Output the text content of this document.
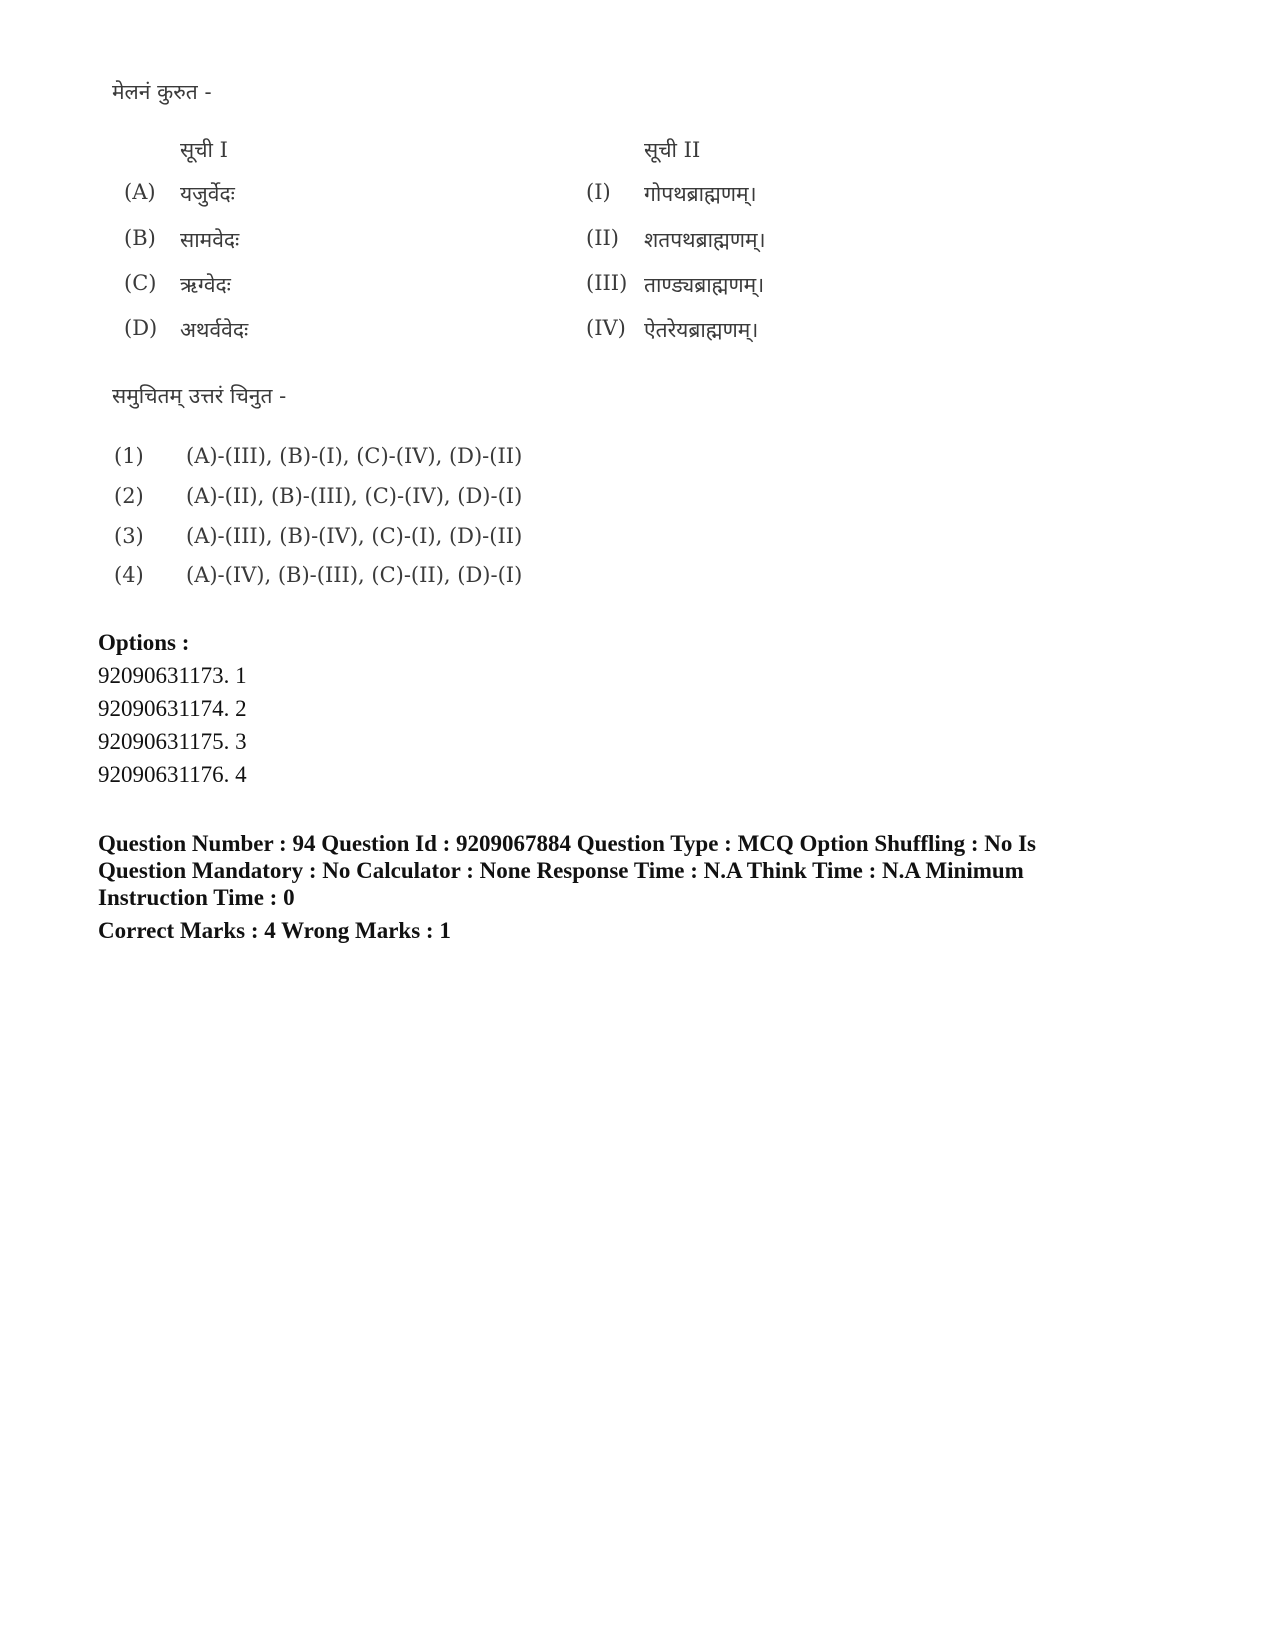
मेलनं कुरुत -
सूची I	सूची II
(A) यजुर्वेदः	(I) गोपथब्राह्मणम्।
(B) सामवेदः	(II) शतपथब्राह्मणम्।
(C) ऋग्वेदः	(III) ताण्ड्यब्राह्मणम्।
(D) अथर्ववेदः	(IV) ऐतरेयब्राह्मणम्।
समुचितम् उत्तरं चिनुत -
(1) (A)-(III), (B)-(I), (C)-(IV), (D)-(II)
(2) (A)-(II), (B)-(III), (C)-(IV), (D)-(I)
(3) (A)-(III), (B)-(IV), (C)-(I), (D)-(II)
(4) (A)-(IV), (B)-(III), (C)-(II), (D)-(I)
Options :
92090631173. 1
92090631174. 2
92090631175. 3
92090631176. 4
Question Number : 94 Question Id : 9209067884 Question Type : MCQ Option Shuffling : No Is
Question Mandatory : No Calculator : None Response Time : N.A Think Time : N.A Minimum
Instruction Time : 0
Correct Marks : 4 Wrong Marks : 1
